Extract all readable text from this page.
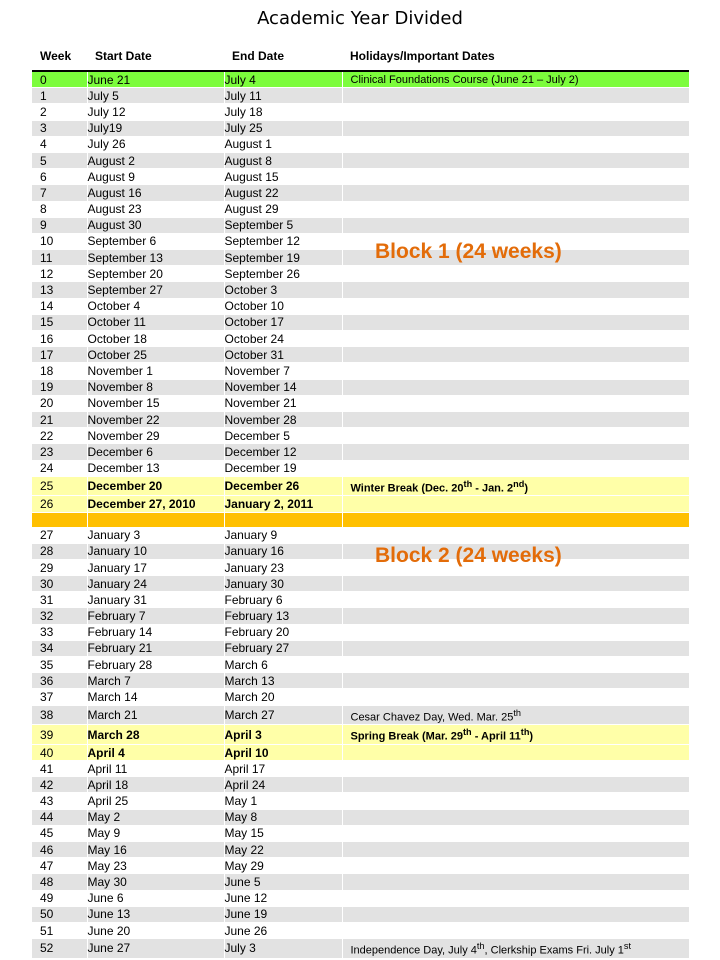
Academic Year Divided
Week Start Date	End Date	Holidays/Important Dates
0	June 21	July 4	Clinical Foundations Course (June 21 – July 2)
1	July 5	July 11	
2	July 12	July 18	
3	July19	July 25	
4	July 26	August 1	
5	August 2	August 8	
6	August 9	August 15	
7	August 16	August 22	
8	August 23	August 29	
9	August 30	September 5	
10	September 6	September 12	
11	September 13	September 19	
12	September 20	September 26	
13	September 27	October 3	
14	October 4	October 10	
15	October 11	October 17	
16	October 18	October 24	
17	October 25	October 31	
18	November 1	November 7	
19	November 8	November 14	
20	November 15	November 21	
21	November 22	November 28	
22	November 29	December 5	
23	December 6	December 12	
24	December 13	December 19	
25	December 20	December 26	Winter Break (Dec. 20th - Jan. 2nd)
26	December 27, 2010	January 2, 2011	

27	January 3	January 9	
28	January 10	January 16	
29	January 17	January 23	
30	January 24	January 30	
31	January 31	February 6	
32	February 7	February 13	
33	February 14	February 20	
34	February 21	February 27	
35	February 28	March 6	
36	March 7	March 13	
37	March 14	March 20	
38	March 21	March 27	Cesar Chavez Day, Wed. Mar. 25th
39	March 28	April 3	Spring Break (Mar. 29th - April 11th)
40	April 4	April 10	
41	April 11	April 17	
42	April 18	April 24	
43	April 25	May 1	
44	May 2	May 8	
45	May 9	May 15	
46	May 16	May 22	
47	May 23	May 29	
48	May 30	June 5	
49	June 6	June 12	
50	June 13	June 19	
51	June 20	June 26	
52	June 27	July 3	Independence Day, July 4th, Clerkship Exams Fri. July 1st
Block 1 (24 weeks)
Block 2 (24 weeks)
